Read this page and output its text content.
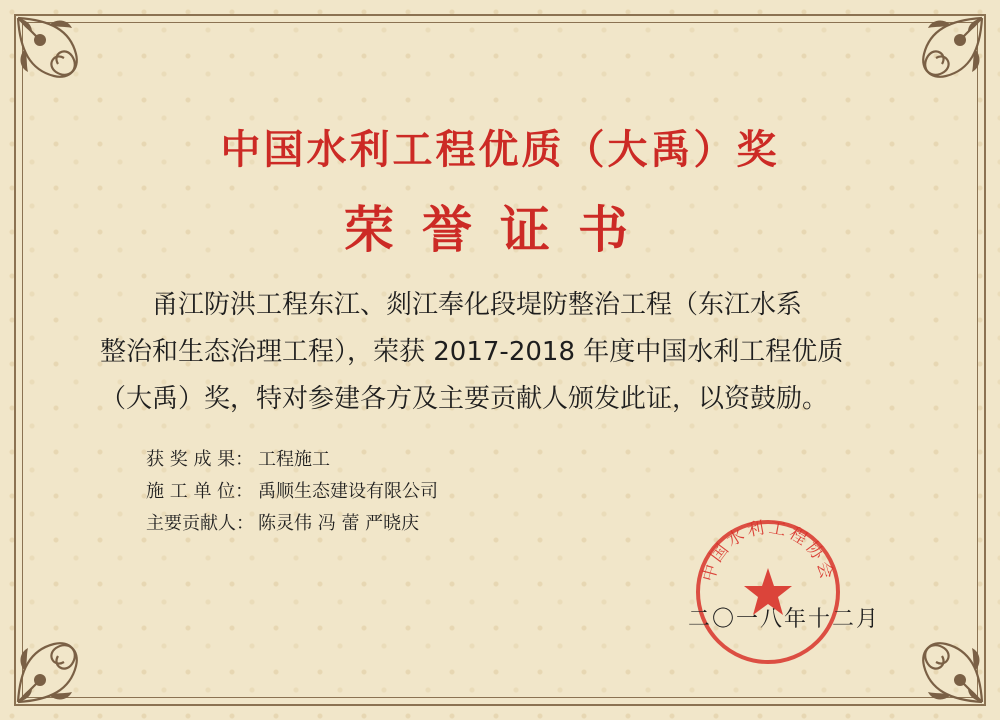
中国水利工程优质（大禹）奖
荣誉证书

甬江防洪工程东江、剡江奉化段堤防整治工程（东江水系

整治和生态治理工程），荣获 2017-2018 年度中国水利工程优质

（大禹）奖，特对参建各方及主要贡献人颁发此证，以资鼓励。

获 奖 成 果： 工程施工
施 工 单 位： 禹顺生态建设有限公司
主要贡献人： 陈灵伟 冯 蕾 严晓庆
中国水利工程协会
二〇一八年十二月
